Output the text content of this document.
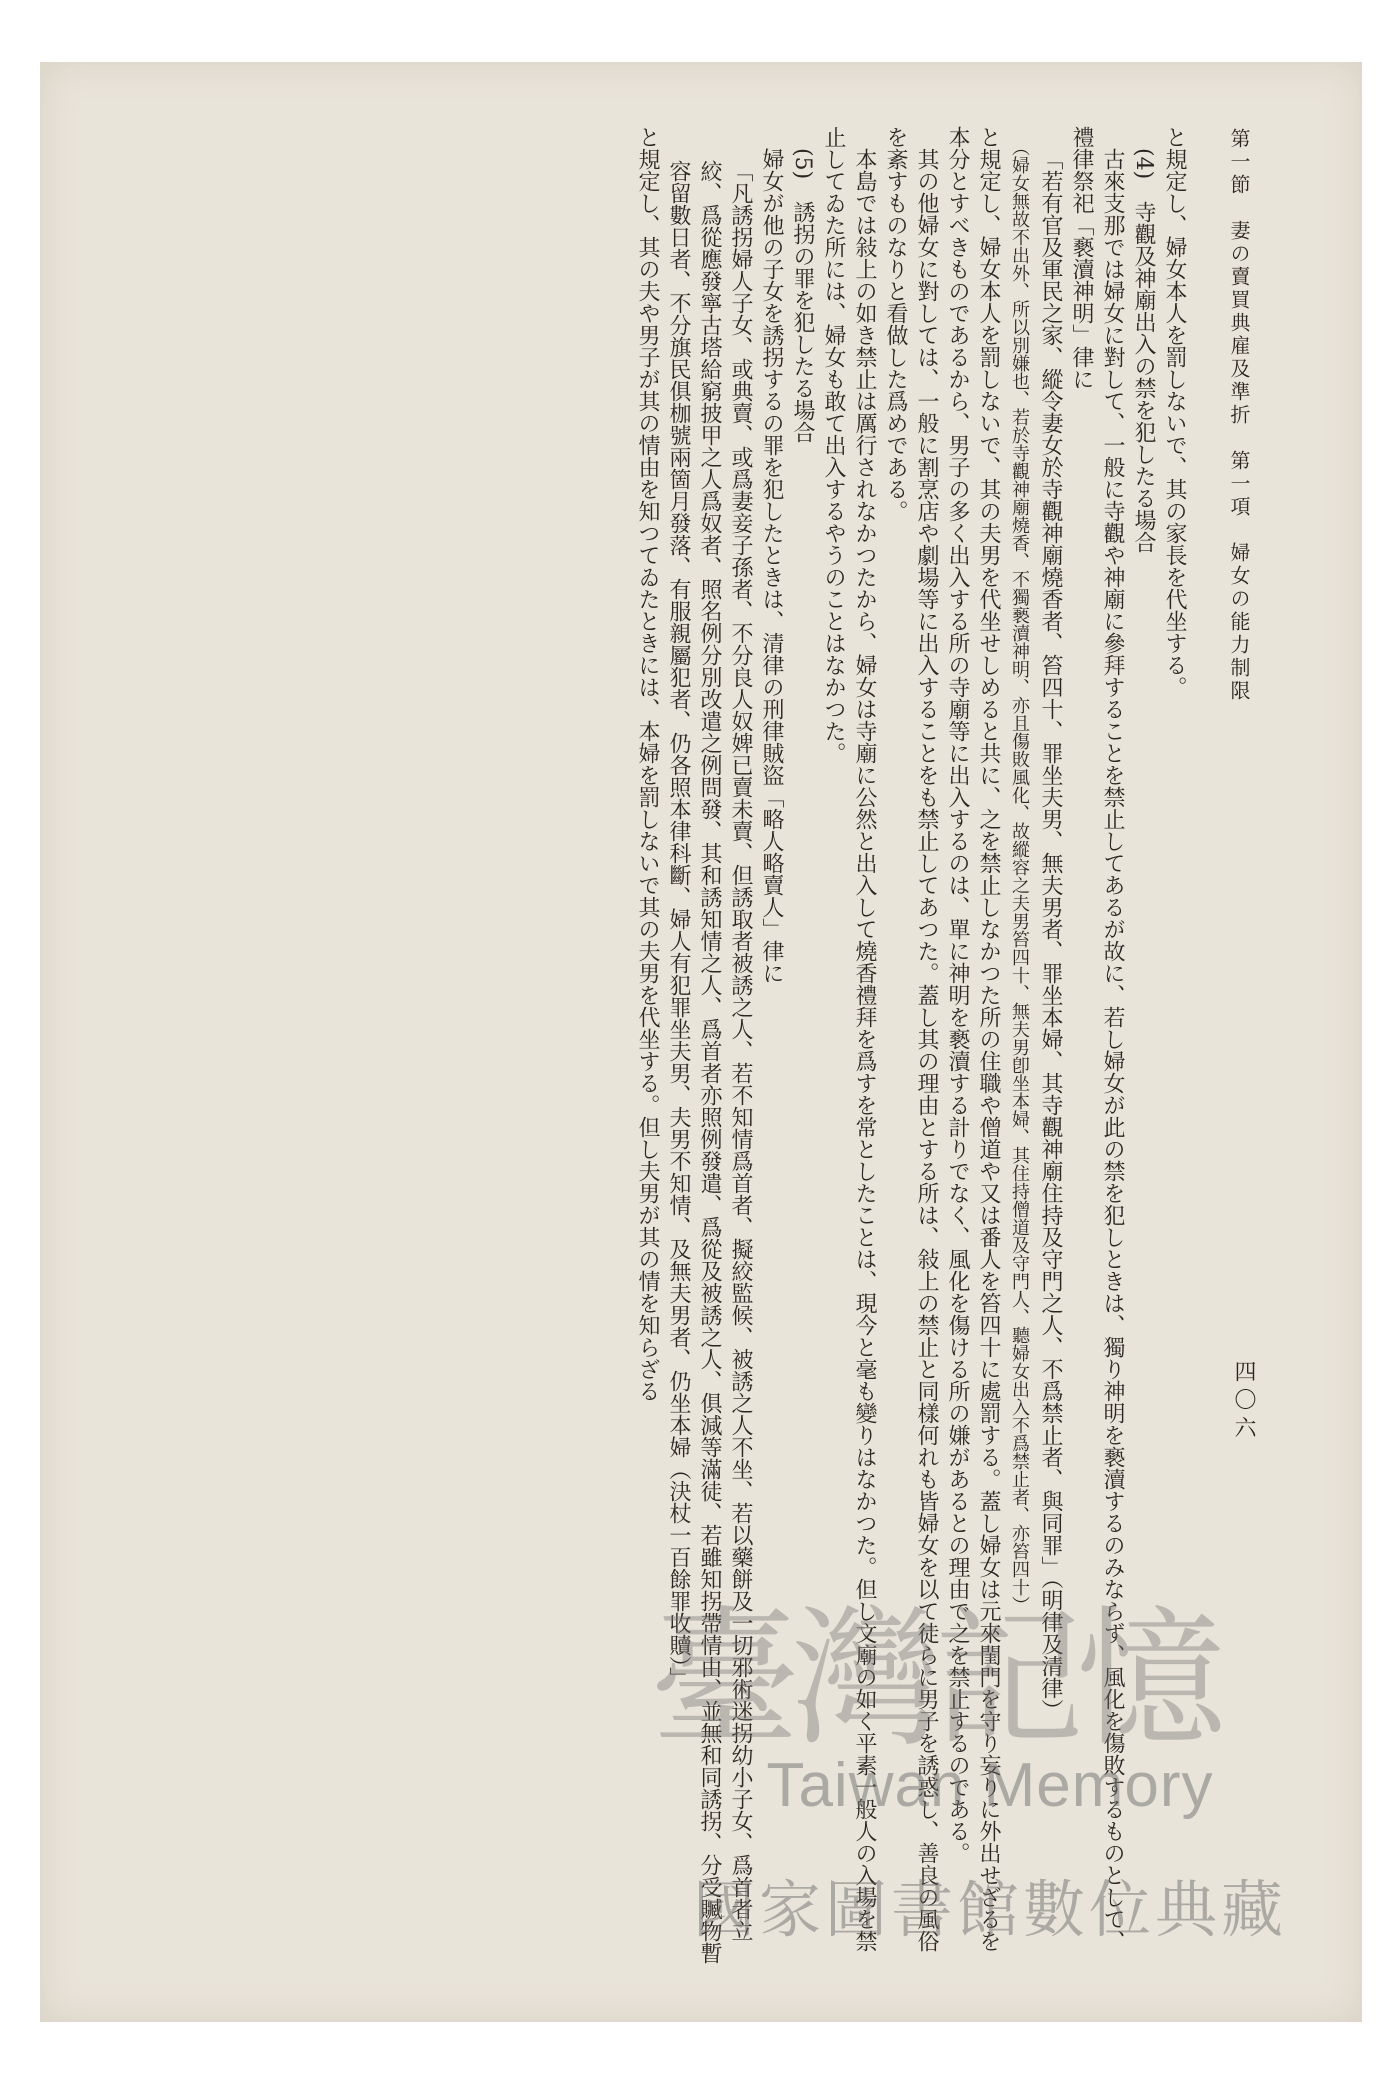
第一節　妻の賣買典雇及準折　第一項　婦女の能力制限
四〇六

と規定し、婦女本人を罰しないで、其の家長を代坐する。

(4)　寺觀及神廟出入の禁を犯したる場合

古來支那では婦女に對して、一般に寺觀や神廟に參拜することを禁止してあるが故に、若し婦女が此の禁を犯しときは、獨り神明を褻瀆するのみならず、風化を傷敗するものとして、禮律祭祀「褻瀆神明」律に

「若有官及軍民之家、縱令妻女於寺觀神廟燒香者、笞四十、罪坐夫男、無夫男者、罪坐本婦、其寺觀神廟住持及守門之人、不爲禁止者、與同罪」（明律及清律）

（婦女無故不出外、所以別嫌也、若於寺觀神廟燒香、不獨褻瀆神明、亦且傷敗風化、故縱容之夫男笞四十、無夫男卽坐本婦、其住持僧道及守門人、聽婦女出入不爲禁止者、亦笞四十）

と規定し、婦女本人を罰しないで、其の夫男を代坐せしめると共に、之を禁止しなかつた所の住職や僧道や又は番人を笞四十に處罰する。蓋し婦女は元來閨門を守り妄りに外出せざるを本分とすべきものであるから、男子の多く出入する所の寺廟等に出入するのは、單に神明を褻瀆する計りでなく、風化を傷ける所の嫌があるとの理由で之を禁止するのである。

其の他婦女に對しては、一般に割烹店や劇場等に出入することをも禁止してあつた。蓋し其の理由とする所は、敍上の禁止と同樣何れも皆婦女を以て徒らに男子を誘惑し、善良の風俗を紊すものなりと看做した爲めである。

本島では敍上の如き禁止は厲行されなかつたから、婦女は寺廟に公然と出入して燒香禮拜を爲すを常としたことは、現今と毫も變りはなかつた。但し文廟の如く平素一般人の入場を禁止してゐた所には、婦女も敢て出入するやうのことはなかつた。

(5)　誘拐の罪を犯したる場合

婦女が他の子女を誘拐するの罪を犯したときは、清律の刑律賊盜「略人略賣人」律に

「凡誘拐婦人子女、或典賣、或爲妻妾子孫者、不分良人奴婢已賣未賣、但誘取者被誘之人、若不知情爲首者、擬絞監候、被誘之人不坐、若以藥餅及一切邪術迷拐幼小子女、爲首者立絞、爲從應發寧古塔給窮披甲之人爲奴者、照名例分別改遣之例問發、其和誘知情之人、爲首者亦照例發遣、爲從及被誘之人、俱減等滿徒、若雖知拐帶情由、並無和同誘拐、分受贓物暫容留數日者、不分旗民俱枷號兩箇月發落、有服親屬犯者、仍各照本律科斷、婦人有犯罪坐夫男、夫男不知情、及無夫男者、仍坐本婦（決杖一百餘罪收贖）」

と規定し、其の夫や男子が其の情由を知つてゐたときには、本婦を罰しないで其の夫男を代坐する。但し夫男が其の情を知らざる

臺灣記憶
Taiwan Memory
國家圖書館數位典藏
